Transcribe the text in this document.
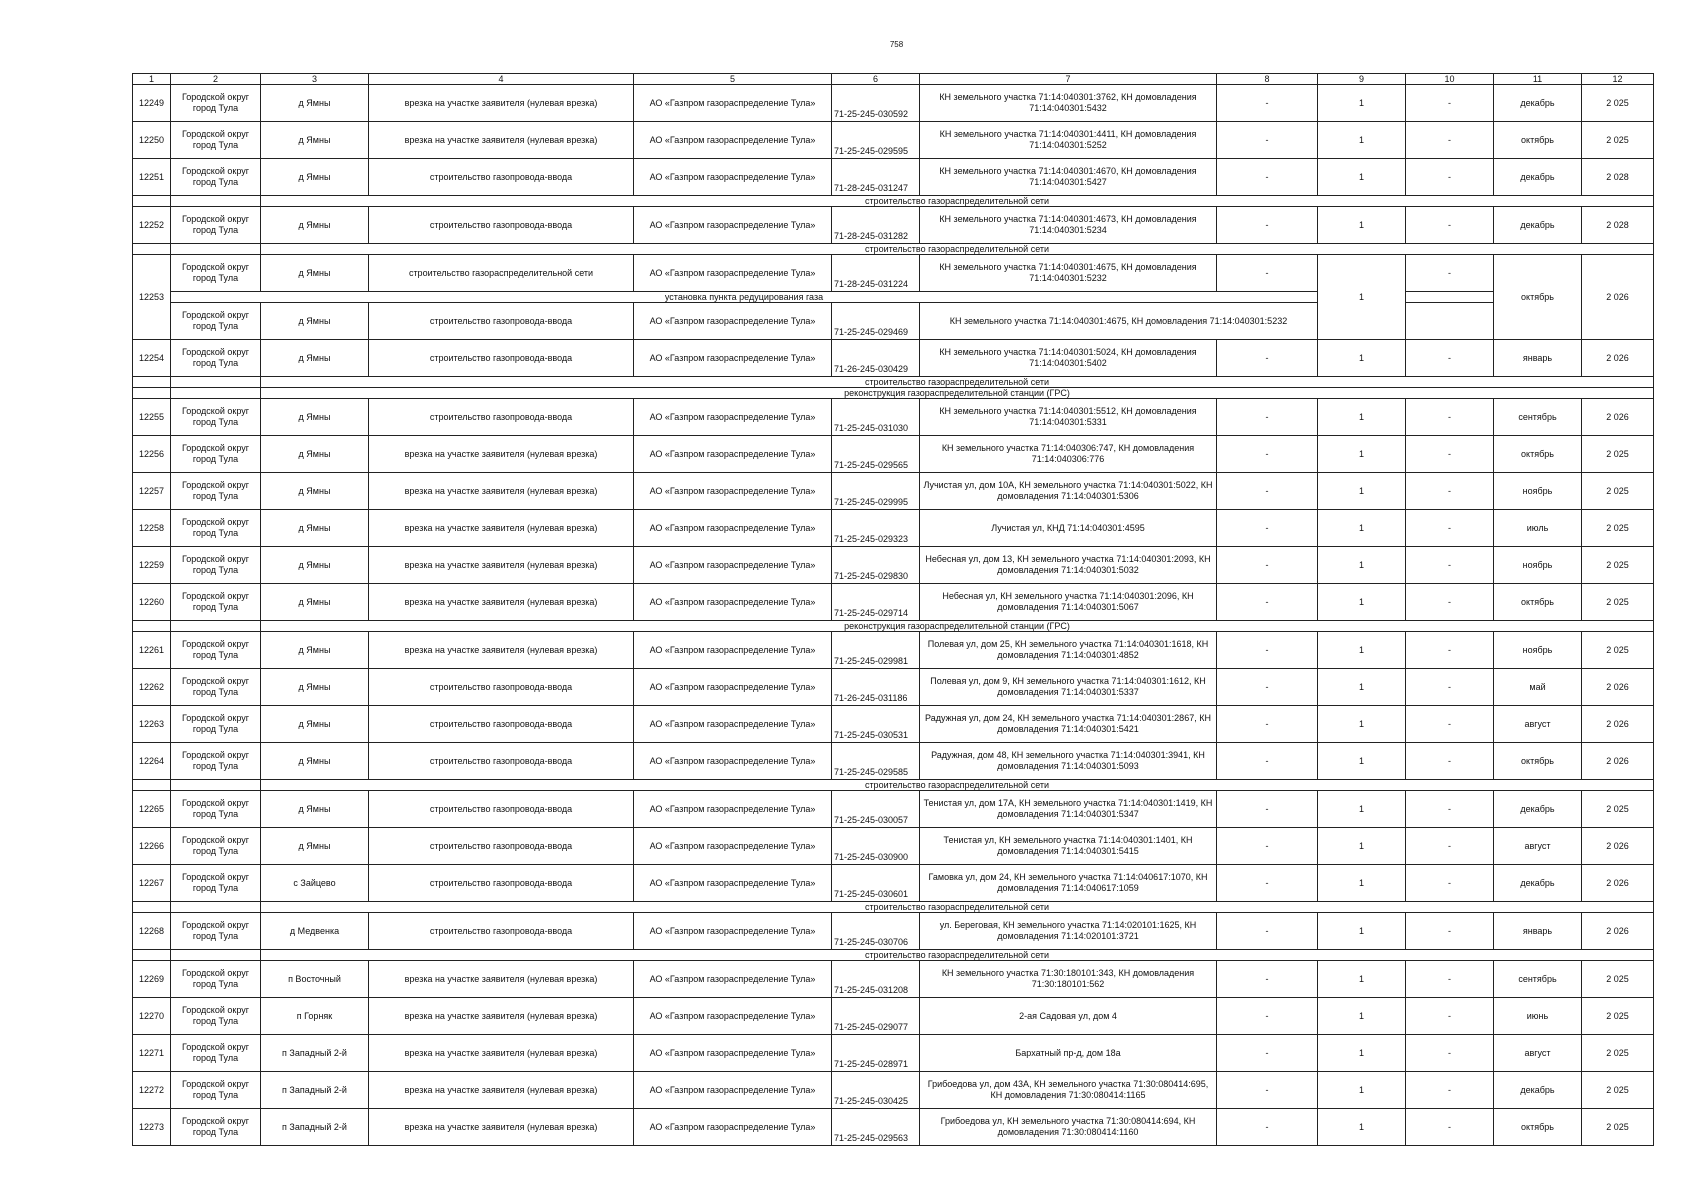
758
1	2	3	4	5	6	7	8	9	10	11	12
12249	Городской округ город Тула	д Ямны	врезка на участке заявителя (нулевая врезка)	АО «Газпром газораспределение Тула»	71-25-245-030592	КН земельного участка 71:14:040301:3762, КН домовладения 71:14:040301:5432	-	1	-	декабрь	2 025
12250	Городской округ город Тула	д Ямны	врезка на участке заявителя (нулевая врезка)	АО «Газпром газораспределение Тула»	71-25-245-029595	КН земельного участка 71:14:040301:4411, КН домовладения 71:14:040301:5252	-	1	-	октябрь	2 025
12251	Городской округ город Тула	д Ямны	строительство газопровода-ввода	АО «Газпром газораспределение Тула»	71-28-245-031247	КН земельного участка 71:14:040301:4670, КН домовладения 71:14:040301:5427	-	1	-	декабрь	2 028
		строительство газораспределительной сети									
12252	Городской округ город Тула	д Ямны	строительство газопровода-ввода	АО «Газпром газораспределение Тула»	71-28-245-031282	КН земельного участка 71:14:040301:4673, КН домовладения 71:14:040301:5234	-	1	-	декабрь	2 028
		строительство газораспределительной сети									
12253	Городской округ город Тула	д Ямны	строительство газораспределительной сети	АО «Газпром газораспределение Тула»	71-28-245-031224	КН земельного участка 71:14:040301:4675, КН домовладения 71:14:040301:5232	-	1	-	октябрь	2 026
	установка пункта редуцирования газа										
	Городской округ город Тула	д Ямны	строительство газопровода-ввода	АО «Газпром газораспределение Тула»	71-25-245-029469	КН земельного участка 71:14:040301:4675, КН домовладения 71:14:040301:5232					
12254	Городской округ город Тула	д Ямны	строительство газопровода-ввода	АО «Газпром газораспределение Тула»	71-26-245-030429	КН земельного участка 71:14:040301:5024, КН домовладения 71:14:040301:5402	-	1	-	январь	2 026
		строительство газораспределительной сети									
		реконструкция газораспределительной станции (ГРС)									
12255	Городской округ город Тула	д Ямны	строительство газопровода-ввода	АО «Газпром газораспределение Тула»	71-25-245-031030	КН земельного участка 71:14:040301:5512, КН домовладения 71:14:040301:5331	-	1	-	сентябрь	2 026
12256	Городской округ город Тула	д Ямны	врезка на участке заявителя (нулевая врезка)	АО «Газпром газораспределение Тула»	71-25-245-029565	КН земельного участка 71:14:040306:747, КН домовладения 71:14:040306:776	-	1	-	октябрь	2 025
12257	Городской округ город Тула	д Ямны	врезка на участке заявителя (нулевая врезка)	АО «Газпром газораспределение Тула»	71-25-245-029995	Лучистая ул, дом 10А, КН земельного участка 71:14:040301:5022, КН домовладения 71:14:040301:5306	-	1	-	ноябрь	2 025
12258	Городской округ город Тула	д Ямны	врезка на участке заявителя (нулевая врезка)	АО «Газпром газораспределение Тула»	71-25-245-029323	Лучистая ул, КНД 71:14:040301:4595	-	1	-	июль	2 025
12259	Городской округ город Тула	д Ямны	врезка на участке заявителя (нулевая врезка)	АО «Газпром газораспределение Тула»	71-25-245-029830	Небесная ул, дом 13, КН земельного участка 71:14:040301:2093, КН домовладения 71:14:040301:5032	-	1	-	ноябрь	2 025
12260	Городской округ город Тула	д Ямны	врезка на участке заявителя (нулевая врезка)	АО «Газпром газораспределение Тула»	71-25-245-029714	Небесная ул, КН земельного участка 71:14:040301:2096, КН домовладения 71:14:040301:5067	-	1	-	октябрь	2 025
		реконструкция газораспределительной станции (ГРС)									
12261	Городской округ город Тула	д Ямны	врезка на участке заявителя (нулевая врезка)	АО «Газпром газораспределение Тула»	71-25-245-029981	Полевая ул, дом 25, КН земельного участка 71:14:040301:1618, КН домовладения 71:14:040301:4852	-	1	-	ноябрь	2 025
12262	Городской округ город Тула	д Ямны	строительство газопровода-ввода	АО «Газпром газораспределение Тула»	71-26-245-031186	Полевая ул, дом 9, КН земельного участка 71:14:040301:1612, КН домовладения 71:14:040301:5337	-	1	-	май	2 026
12263	Городской округ город Тула	д Ямны	строительство газопровода-ввода	АО «Газпром газораспределение Тула»	71-25-245-030531	Радужная ул, дом 24, КН земельного участка 71:14:040301:2867, КН домовладения 71:14:040301:5421	-	1	-	август	2 026
12264	Городской округ город Тула	д Ямны	строительство газопровода-ввода	АО «Газпром газораспределение Тула»	71-25-245-029585	Радужная, дом 48, КН земельного участка 71:14:040301:3941, КН домовладения 71:14:040301:5093	-	1	-	октябрь	2 026
		строительство газораспределительной сети									
12265	Городской округ город Тула	д Ямны	строительство газопровода-ввода	АО «Газпром газораспределение Тула»	71-25-245-030057	Тенистая ул, дом 17А, КН земельного участка 71:14:040301:1419, КН домовладения 71:14:040301:5347	-	1	-	декабрь	2 025
12266	Городской округ город Тула	д Ямны	строительство газопровода-ввода	АО «Газпром газораспределение Тула»	71-25-245-030900	Тенистая ул, КН земельного участка 71:14:040301:1401, КН домовладения 71:14:040301:5415	-	1	-	август	2 026
12267	Городской округ город Тула	с Зайцево	строительство газопровода-ввода	АО «Газпром газораспределение Тула»	71-25-245-030601	Гамовка ул, дом 24, КН земельного участка 71:14:040617:1070, КН домовладения 71:14:040617:1059	-	1	-	декабрь	2 026
		строительство газораспределительной сети									
12268	Городской округ город Тула	д Медвенка	строительство газопровода-ввода	АО «Газпром газораспределение Тула»	71-25-245-030706	ул. Береговая, КН земельного участка 71:14:020101:1625, КН домовладения 71:14:020101:3721	-	1	-	январь	2 026
		строительство газораспределительной сети									
12269	Городской округ город Тула	п Восточный	врезка на участке заявителя (нулевая врезка)	АО «Газпром газораспределение Тула»	71-25-245-031208	КН земельного участка 71:30:180101:343, КН домовладения 71:30:180101:562	-	1	-	сентябрь	2 025
12270	Городской округ город Тула	п Горняк	врезка на участке заявителя (нулевая врезка)	АО «Газпром газораспределение Тула»	71-25-245-029077	2-ая Садовая ул, дом 4	-	1	-	июнь	2 025
12271	Городской округ город Тула	п Западный 2-й	врезка на участке заявителя (нулевая врезка)	АО «Газпром газораспределение Тула»	71-25-245-028971	Бархатный пр-д, дом 18а	-	1	-	август	2 025
12272	Городской округ город Тула	п Западный 2-й	врезка на участке заявителя (нулевая врезка)	АО «Газпром газораспределение Тула»	71-25-245-030425	Грибоедова ул, дом 43А, КН земельного участка 71:30:080414:695, КН домовладения 71:30:080414:1165	-	1	-	декабрь	2 025
12273	Городской округ город Тула	п Западный 2-й	врезка на участке заявителя (нулевая врезка)	АО «Газпром газораспределение Тула»	71-25-245-029563	Грибоедова ул, КН земельного участка 71:30:080414:694, КН домовладения 71:30:080414:1160	-	1	-	октябрь	2 025
